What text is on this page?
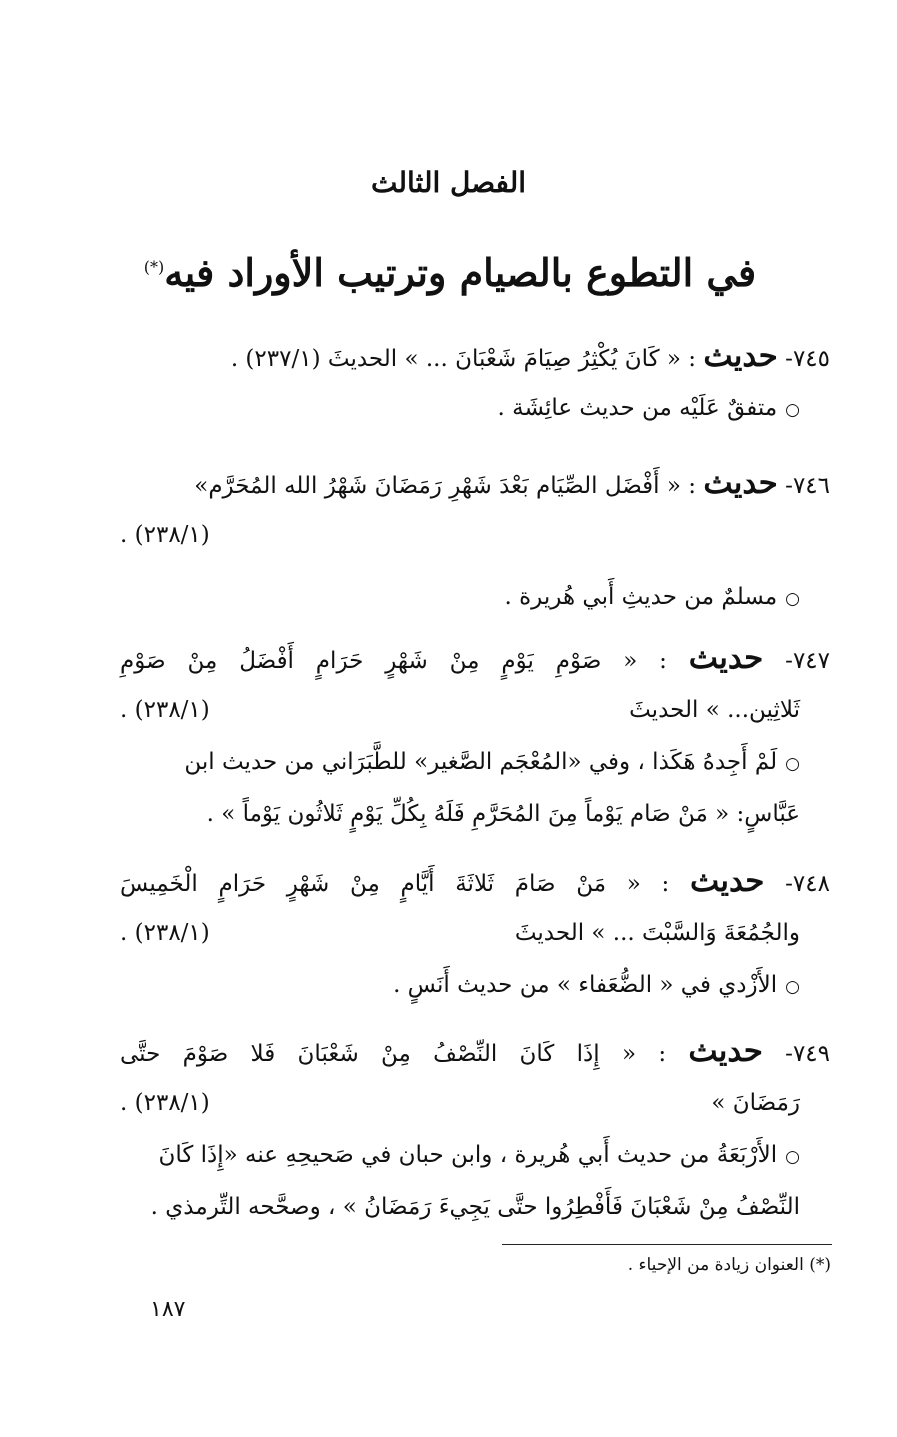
الفصل الثالث
في التطوع بالصيام وترتيب الأوراد فيه(*)
٧٤٥- حديث : « كَانَ يُكْثِرُ صِيَامَ شَعْبَانَ ... » الحديثَ (٢٣٧/١) .
○متفقٌ عَلَيْه من حديث عائِشَة .
٧٤٦- حديث : « أَفْضَل الصِّيَام بَعْدَ شَهْرِ رَمَضَانَ شَهْرُ الله المُحَرَّم»
(٢٣٨/١) .
○مسلمٌ من حديثِ أَبي هُريرة .
٧٤٧- حديث : « صَوْمِ يَوْمٍ مِنْ شَهْرٍ حَرَامٍ أَفْضَلُ مِنْ صَوْمِ
ثَلاثِين... » الحديثَ
(٢٣٨/١) .
○لَمْ أَجِدهُ هَكَذا ، وفي «المُعْجَم الصَّغير» للطَّبَرَاني من حديث ابن
عَبَّاسٍ: « مَنْ صَام يَوْماً مِنَ المُحَرَّمِ فَلَهُ بِكُلِّ يَوْمٍ ثَلاثُون يَوْماً » .
٧٤٨- حديث : « مَنْ صَامَ ثَلاثَةَ أَيَّامٍ مِنْ شَهْرٍ حَرَامٍ الْخَمِيسَ
والجُمُعَةَ وَالسَّبْتَ ... » الحديثَ
(٢٣٨/١) .
○الأَزْدي في « الضُّعَفاء » من حديث أَنَسٍ .
٧٤٩- حديث : « إِذَا كَانَ النِّصْفُ مِنْ شَعْبَانَ فَلا صَوْمَ حتَّى
رَمَضَانَ »
(٢٣٨/١) .
○الأَرْبَعَةُ من حديث أَبي هُريرة ، وابن حبان في صَحيحِهِ عنه «إِذَا كَانَ
النِّصْفُ مِنْ شَعْبَانَ فَأَفْطِرُوا حتَّى يَجِيءَ رَمَضَانُ » ، وصحَّحه التِّرمذي .
(*) العنوان زيادة من الإحياء .
١٨٧
